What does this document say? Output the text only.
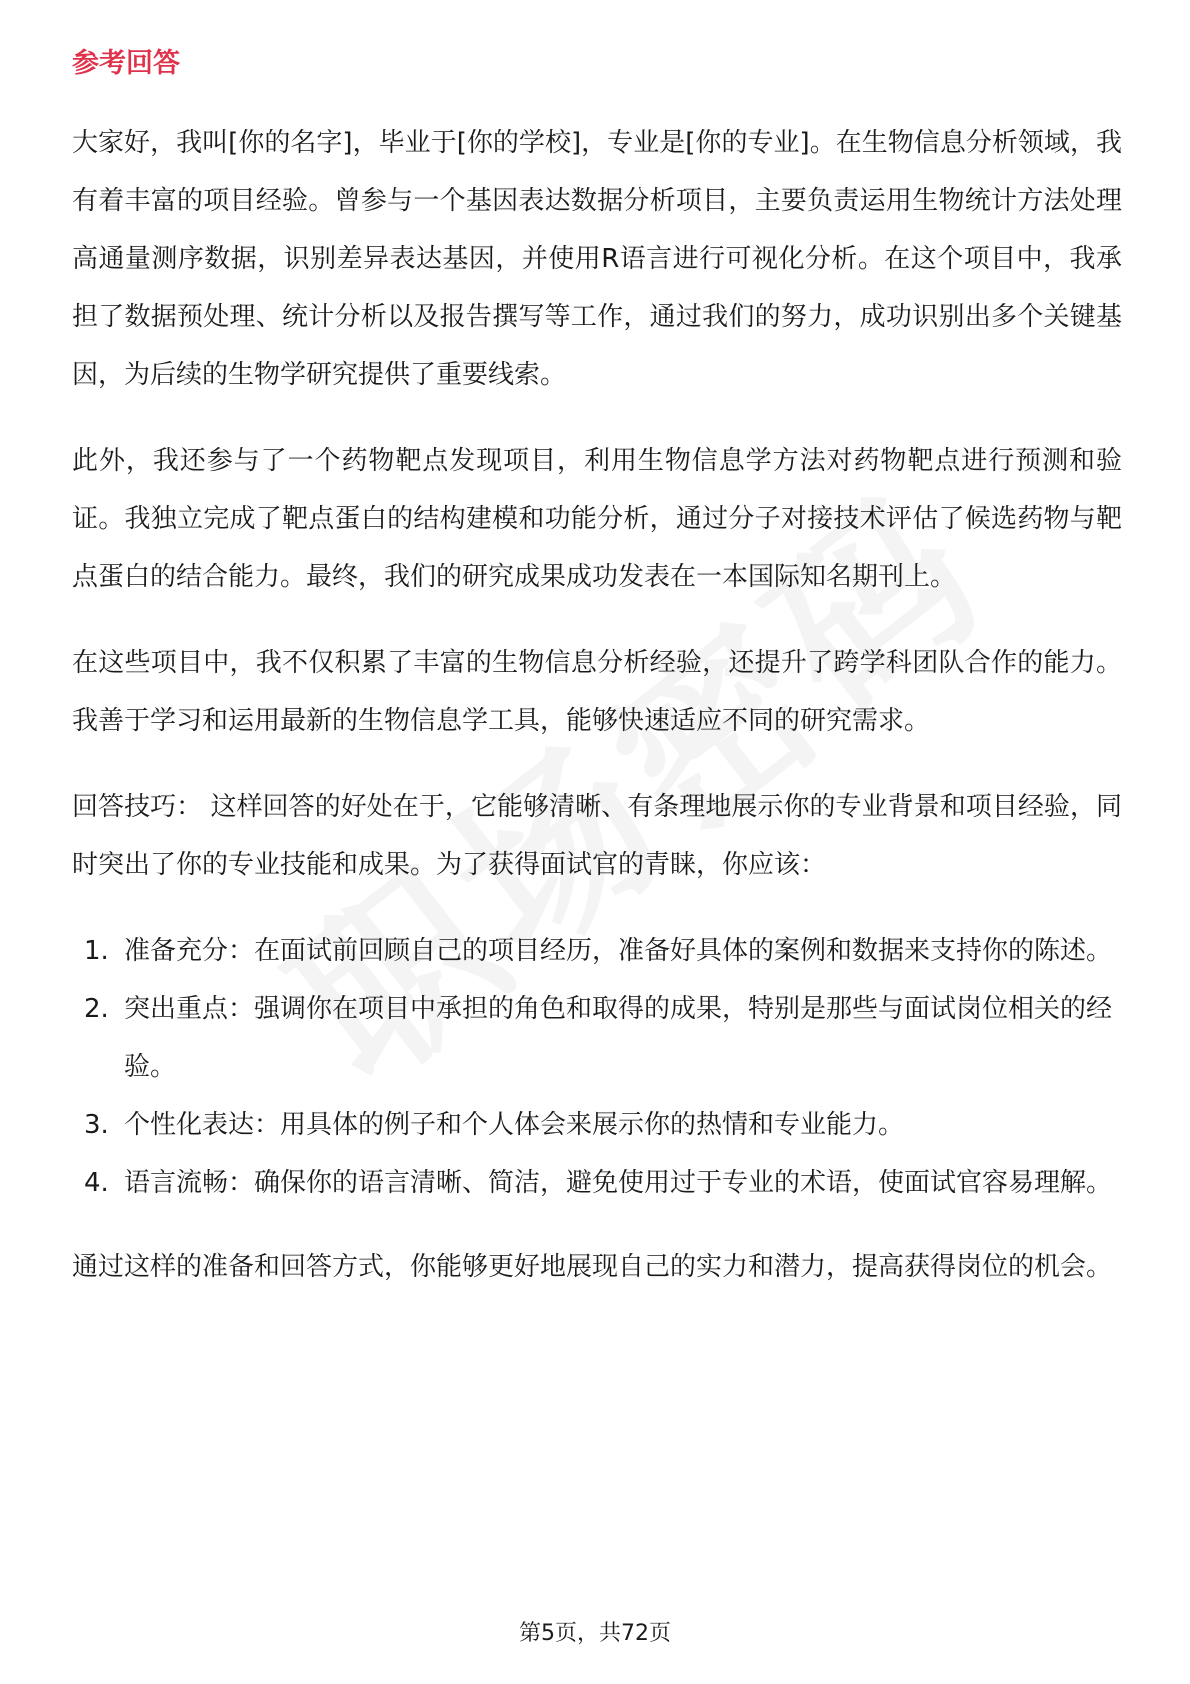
参考回答

大家好，我叫[你的名字]，毕业于[你的学校]，专业是[你的专业]。在生物信息分析领域，我有着丰富的项目经验。曾参与一个基因表达数据分析项目，主要负责运用生物统计方法处理高通量测序数据，识别差异表达基因，并使用R语言进行可视化分析。在这个项目中，我承担了数据预处理、统计分析以及报告撰写等工作，通过我们的努力，成功识别出多个关键基因，为后续的生物学研究提供了重要线索。

此外，我还参与了一个药物靶点发现项目，利用生物信息学方法对药物靶点进行预测和验证。我独立完成了靶点蛋白的结构建模和功能分析，通过分子对接技术评估了候选药物与靶点蛋白的结合能力。最终，我们的研究成果成功发表在一本国际知名期刊上。

在这些项目中，我不仅积累了丰富的生物信息分析经验，还提升了跨学科团队合作的能力。我善于学习和运用最新的生物信息学工具，能够快速适应不同的研究需求。

回答技巧： 这样回答的好处在于，它能够清晰、有条理地展示你的专业背景和项目经验，同时突出了你的专业技能和成果。为了获得面试官的青睐，你应该：

1. 准备充分：在面试前回顾自己的项目经历，准备好具体的案例和数据来支持你的陈述。
2. 突出重点：强调你在项目中承担的角色和取得的成果，特别是那些与面试岗位相关的经验。
3. 个性化表达：用具体的例子和个人体会来展示你的热情和专业能力。
4. 语言流畅：确保你的语言清晰、简洁，避免使用过于专业的术语，使面试官容易理解。

通过这样的准备和回答方式，你能够更好地展现自己的实力和潜力，提高获得岗位的机会。

第5页，共72页
